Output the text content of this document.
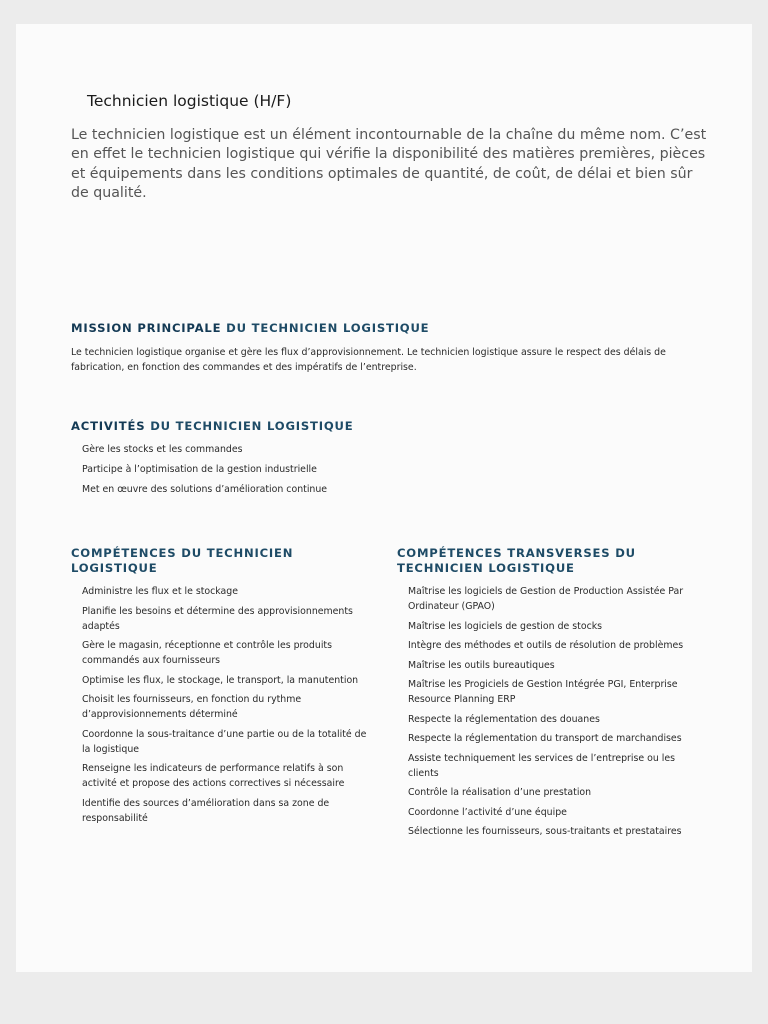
Technicien logistique (H/F)

Le technicien logistique est un élément incontournable de la chaîne du même nom. C’est en effet le technicien logistique qui vérifie la disponibilité des matières premières, pièces et équipements dans les conditions optimales de quantité, de coût, de délai et bien sûr de qualité.

MISSION PRINCIPALE DU TECHNICIEN LOGISTIQUE

Le technicien logistique organise et gère les flux d’approvisionnement. Le technicien logistique assure le respect des délais de fabrication, en fonction des commandes et des impératifs de l’entreprise.

ACTIVITÉS DU TECHNICIEN LOGISTIQUE
Gère les stocks et les commandes
Participe à l’optimisation de la gestion industrielle
Met en œuvre des solutions d’amélioration continue
COMPÉTENCES DU TECHNICIEN LOGISTIQUE
Administre les flux et le stockage
Planifie les besoins et détermine des approvisionnements adaptés
Gère le magasin, réceptionne et contrôle les produits commandés aux fournisseurs
Optimise les flux, le stockage, le transport, la manutention
Choisit les fournisseurs, en fonction du rythme d’approvisionnements déterminé
Coordonne la sous-traitance d’une partie ou de la totalité de la logistique
Renseigne les indicateurs de performance relatifs à son activité et propose des actions correctives si nécessaire
Identifie des sources d’amélioration dans sa zone de responsabilité
COMPÉTENCES TRANSVERSES DU TECHNICIEN LOGISTIQUE
Maîtrise les logiciels de Gestion de Production Assistée Par Ordinateur (GPAO)
Maîtrise les logiciels de gestion de stocks
Intègre des méthodes et outils de résolution de problèmes
Maîtrise les outils bureautiques
Maîtrise les Progiciels de Gestion Intégrée PGI, Enterprise Resource Planning ERP
Respecte la réglementation des douanes
Respecte la réglementation du transport de marchandises
Assiste techniquement les services de l’entreprise ou les clients
Contrôle la réalisation d’une prestation
Coordonne l’activité d’une équipe
Sélectionne les fournisseurs, sous-traitants et prestataires
